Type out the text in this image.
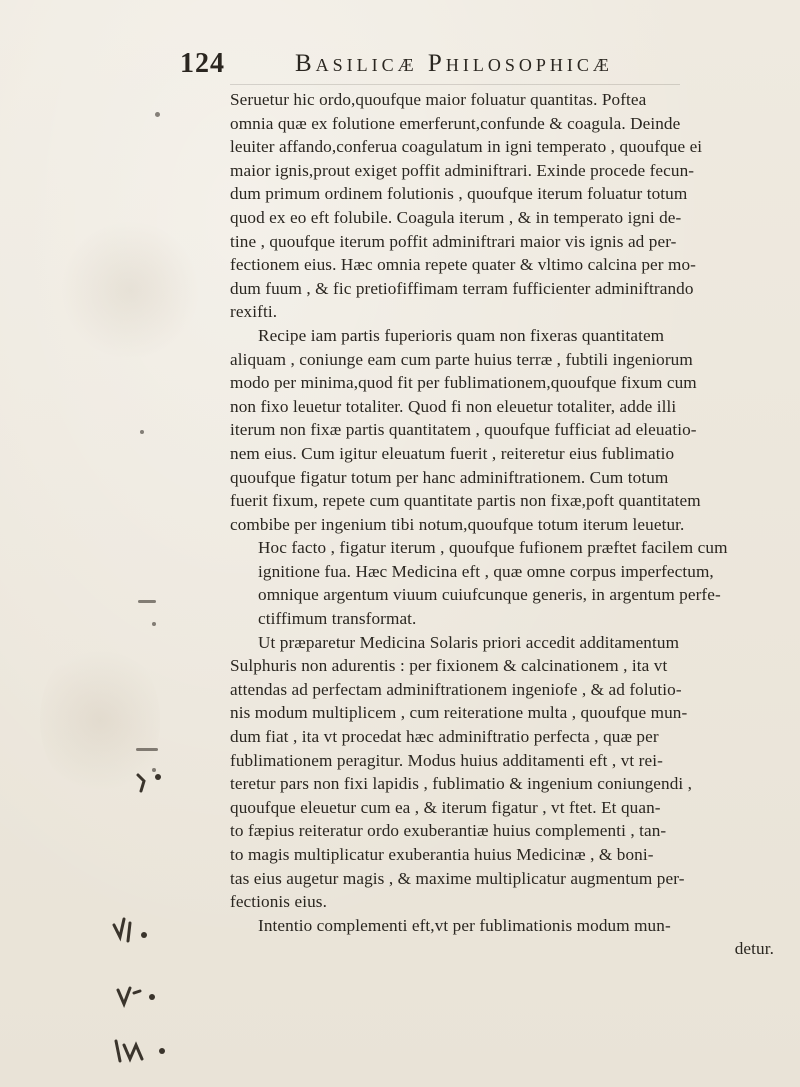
124	Basilicæ Philosophicæ
Seruetur hic ordo,quoufque maior foluatur quantitas. Poftea
omnia quæ ex folutione emerferunt,confunde & coagula. Deinde
leuiter affando,conferua coagulatum in igni temperato , quoufque ei
maior ignis,prout exiget poffit adminiftrari. Exinde procede fecun-
dum primum ordinem folutionis , quoufque iterum foluatur totum
quod ex eo eft folubile. Coagula iterum , & in temperato igni de-
tine , quoufque iterum poffit adminiftrari maior vis ignis ad per-
fectionem eius. Hæc omnia repete quater & vltimo calcina per mo-
dum fuum , & fic pretiofiffimam terram fufficienter adminiftrando
rexifti.
Recipe iam partis fuperioris quam non fixeras quantitatem
aliquam , coniunge eam cum parte huius terræ , fubtili ingeniorum
modo per minima,quod fit per fublimationem,quoufque fixum cum
non fixo leuetur totaliter. Quod fi non eleuetur totaliter, adde illi
iterum non fixæ partis quantitatem , quoufque fufficiat ad eleuatio-
nem eius. Cum igitur eleuatum fuerit , reiteretur eius fublimatio
quoufque figatur totum per hanc adminiftrationem. Cum totum
fuerit fixum, repete cum quantitate partis non fixæ,poft quantitatem
combibe per ingenium tibi notum,quoufque totum iterum leuetur.
Hoc facto , figatur iterum , quoufque fufionem præftet facilem cum
ignitione fua. Hæc Medicina eft , quæ omne corpus imperfectum,
omnique argentum viuum cuiufcunque generis, in argentum perfe-
ctiffimum transformat.
Ut præparetur Medicina Solaris priori accedit additamentum
Sulphuris non adurentis : per fixionem & calcinationem , ita vt
attendas ad perfectam adminiftrationem ingeniofe , & ad folutio-
nis modum multiplicem , cum reiteratione multa , quoufque mun-
dum fiat , ita vt procedat hæc adminiftratio perfecta , quæ per
fublimationem peragitur. Modus huius additamenti eft , vt rei-
teretur pars non fixi lapidis , fublimatio & ingenium coniungendi ,
quoufque eleuetur cum ea , & iterum figatur , vt ftet. Et quan-
to fæpius reiteratur ordo exuberantiæ huius complementi , tan-
to magis multiplicatur exuberantia huius Medicinæ , & boni-
tas eius augetur magis , & maxime multiplicatur augmentum per-
fectionis eius.
Intentio complementi eft,vt per fublimationis modum mun-
detur.
